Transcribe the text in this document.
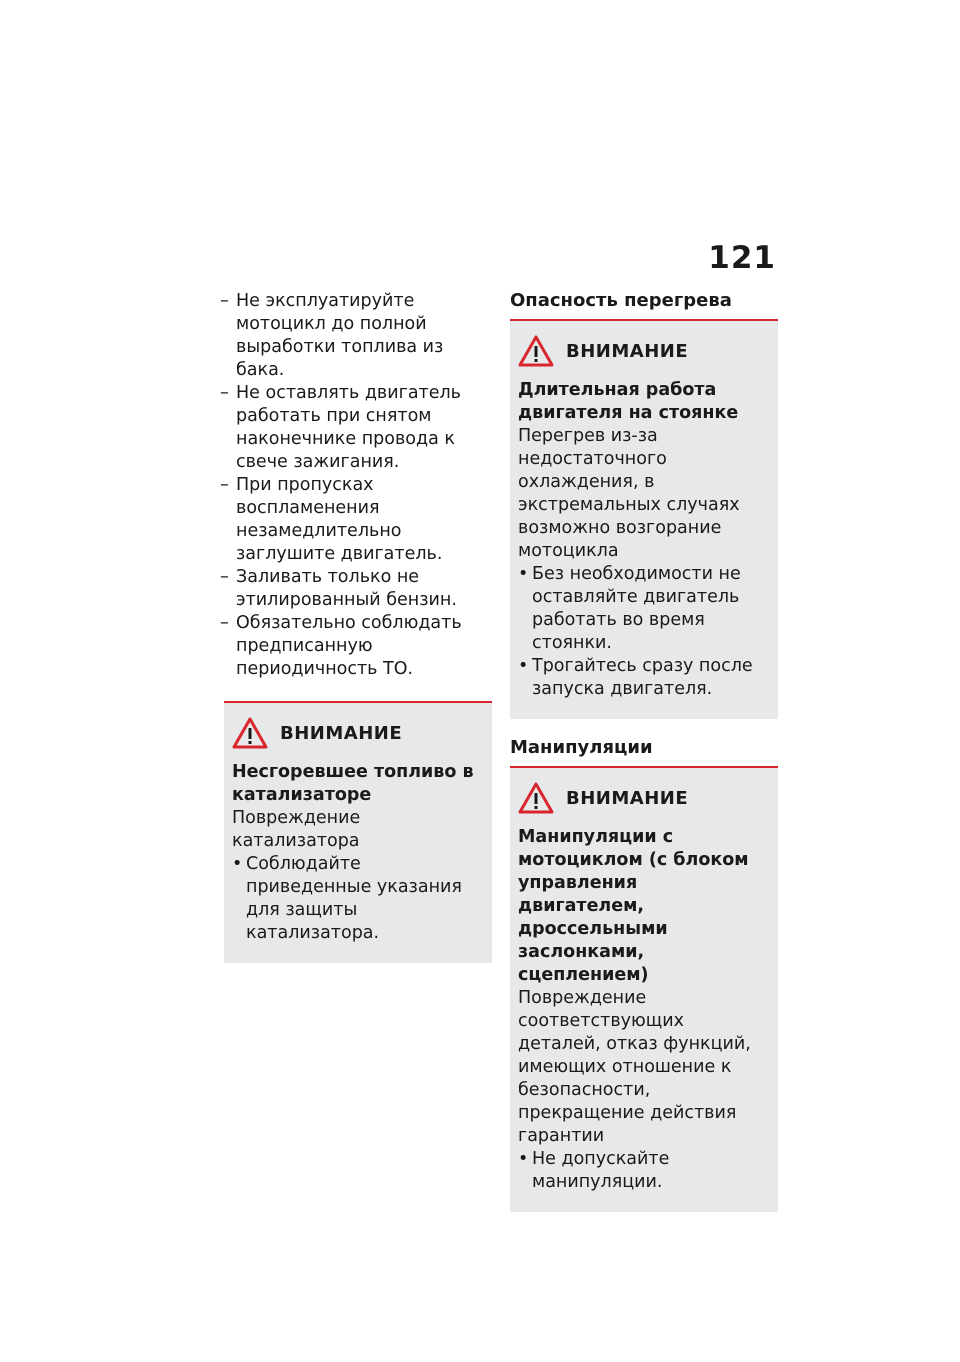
121
– Не эксплуатируйте мотоцикл до полной выработки топлива из бака.
– Не оставлять двигатель работать при снятом наконечнике провода к свече зажигания.
– При пропусках воспламенения незамедлительно заглушите двигатель.
– Заливать только не этилированный бензин.
– Обязательно соблюдать предписанную периодичность ТО.
ВНИМАНИЕ
Несгоревшее топливо в катализаторе
Повреждение катализатора
• Соблюдайте приведенные указания для защиты катализатора.
Опасность перегрева
ВНИМАНИЕ
Длительная работа двигателя на стоянке
Перегрев из-за недостаточного охлаждения, в экстремальных случаях возможно возгорание мотоцикла
• Без необходимости не оставляйте двигатель работать во время стоянки.
• Трогайтесь сразу после запуска двигателя.
Манипуляции
ВНИМАНИЕ
Манипуляции с мотоциклом (с блоком управления двигателем, дроссельными заслонками, сцеплением)
Повреждение соответствующих деталей, отказ функций, имеющих отношение к безопасности, прекращение действия гарантии
• Не допускайте манипуляции.
